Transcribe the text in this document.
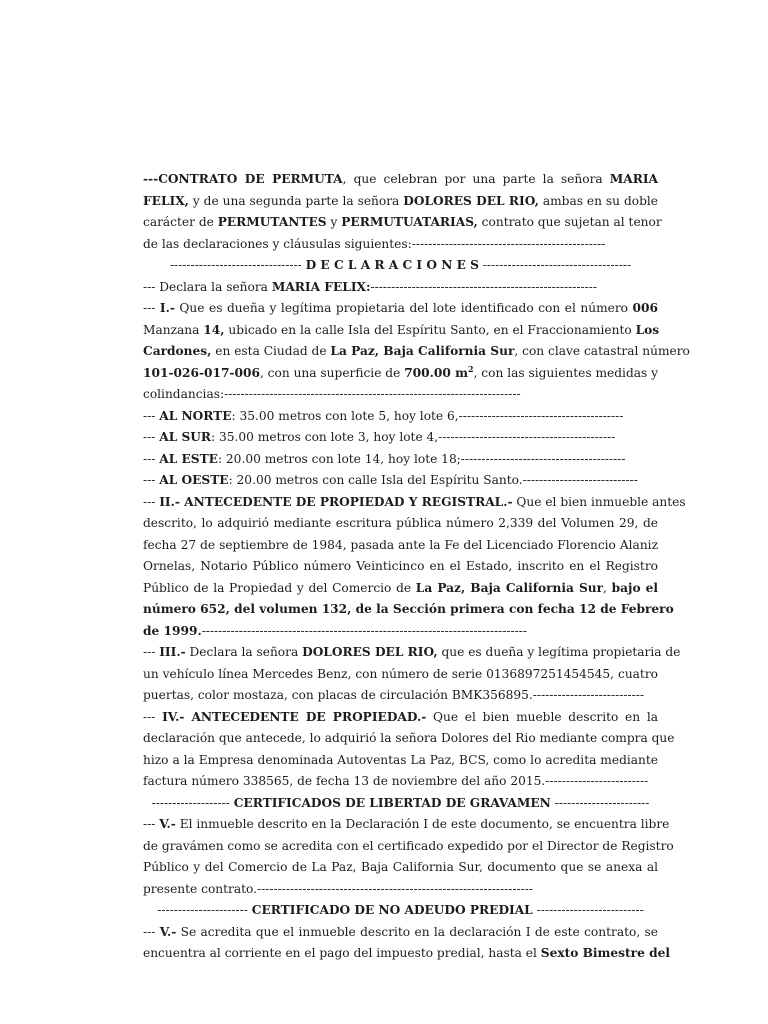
---CONTRATO DE PERMUTA, que celebran por una parte la señora MARIA
FELIX, y de una segunda parte la señora DOLORES DEL RIO, ambas en su doble
carácter de PERMUTANTES y PERMUTUATARIAS, contrato que sujetan al tenor
de las declaraciones y cláusulas siguientes:-----------------------------------------------
-------------------------------- D E C L A R A C I O N E S ------------------------------------
--- Declara la señora MARIA FELIX:-------------------------------------------------------
--- I.- Que es dueña y legítima propietaria del lote identificado con el número 006
Manzana 14, ubicado en la calle Isla del Espíritu Santo, en el Fraccionamiento Los
Cardones, en esta Ciudad de La Paz, Baja California Sur, con clave catastral número
101-026-017-006, con una superficie de 700.00 $m^2$, con las siguientes medidas y
colindancias:------------------------------------------------------------------------
--- AL NORTE: 35.00 metros con lote 5, hoy lote 6,----------------------------------------
--- AL SUR: 35.00 metros con lote 3, hoy lote 4,-------------------------------------------
--- AL ESTE: 20.00 metros con lote 14, hoy lote 18;----------------------------------------
--- AL OESTE: 20.00 metros con calle Isla del Espíritu Santo.----------------------------
--- II.- ANTECEDENTE DE PROPIEDAD Y REGISTRAL.- Que el bien inmueble antes
descrito, lo adquirió mediante escritura pública número 2,339 del Volumen 29, de
fecha 27 de septiembre de 1984, pasada ante la Fe del Licenciado Florencio Alaniz
Ornelas, Notario Público número Veinticinco en el Estado, inscrito en el Registro
Público de la Propiedad y del Comercio de La Paz, Baja California Sur, bajo el
número 652, del volumen 132, de la Sección primera con fecha 12 de Febrero
de 1999.-------------------------------------------------------------------------------
--- III.- Declara la señora DOLORES DEL RIO, que es dueña y legítima propietaria de
un vehículo línea Mercedes Benz, con número de serie 0136897251454545, cuatro
puertas, color mostaza, con placas de circulación BMK356895.---------------------------
--- IV.- ANTECEDENTE DE PROPIEDAD.- Que el bien mueble descrito en la
declaración que antecede, lo adquirió la señora Dolores del Rio mediante compra que
hizo a la Empresa denominada Autoventas La Paz, BCS, como lo acredita mediante
factura número 338565, de fecha 13 de noviembre del año 2015.-------------------------
------------------- CERTIFICADOS DE LIBERTAD DE GRAVAMEN -----------------------
--- V.- El inmueble descrito en la Declaración I de este documento, se encuentra libre
de gravámen como se acredita con el certificado expedido por el Director de Registro
Público y del Comercio de La Paz, Baja California Sur, documento que se anexa al
presente contrato.-------------------------------------------------------------------
---------------------- CERTIFICADO DE NO ADEUDO PREDIAL --------------------------
--- V.- Se acredita que el inmueble descrito en la declaración I de este contrato, se
encuentra al corriente en el pago del impuesto predial, hasta el Sexto Bimestre del
